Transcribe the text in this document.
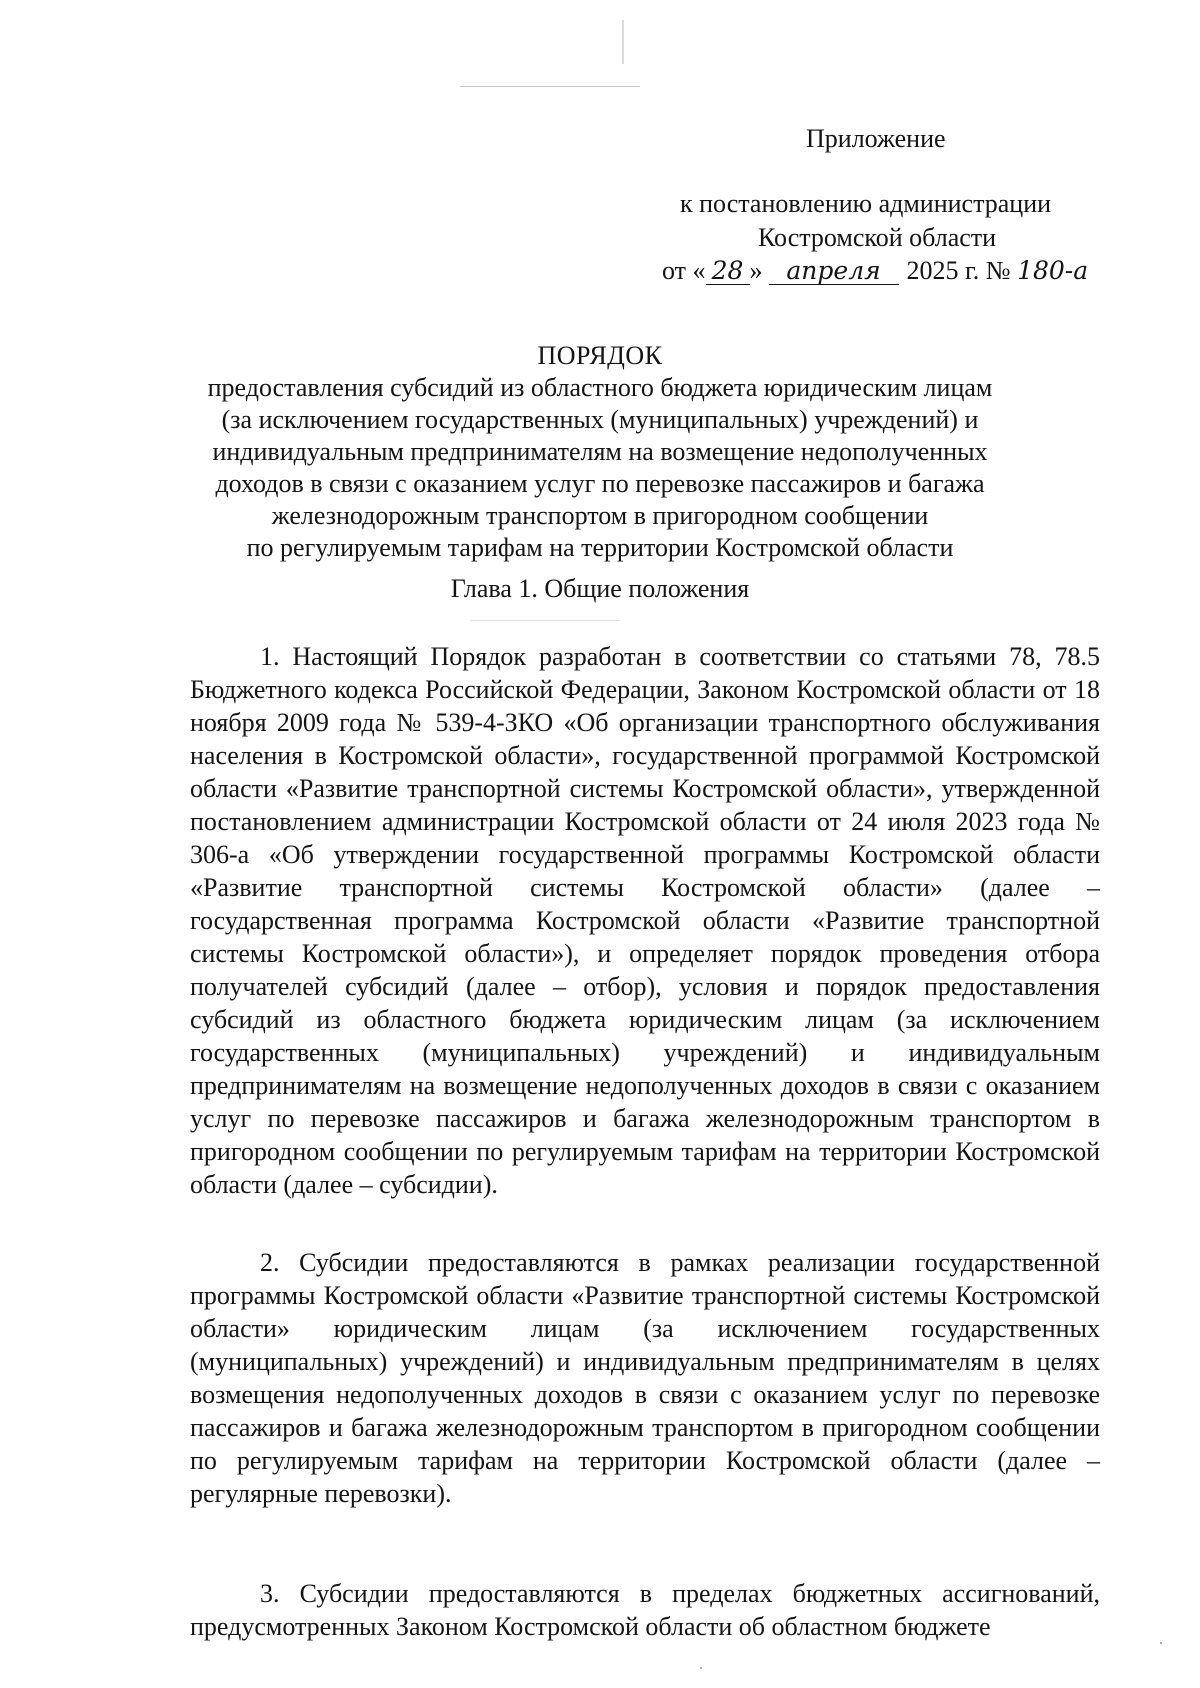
Приложение
к постановлению администрации
Костромской области
от « 28 » апреля 2025 г. № 180-а
ПОРЯДОК
предоставления субсидий из областного бюджета юридическим лицам
(за исключением государственных (муниципальных) учреждений) и
индивидуальным предпринимателям на возмещение недополученных
доходов в связи с оказанием услуг по перевозке пассажиров и багажа
железнодорожным транспортом в пригородном сообщении
по регулируемым тарифам на территории Костромской области
Глава 1. Общие положения

1. Настоящий Порядок разработан в соответствии со статьями 78, 78.5 Бюджетного кодекса Российской Федерации, Законом Костромской области от 18 ноября 2009 года № 539-4-ЗКО «Об организации транспортного обслуживания населения в Костромской области», государственной программой Костромской области «Развитие транспортной системы Костромской области», утвержденной постановлением администрации Костромской области от 24 июля 2023 года № 306-а «Об утверждении государственной программы Костромской области «Развитие транспортной системы Костромской области» (далее – государственная программа Костромской области «Развитие транспортной системы Костромской области»), и определяет порядок проведения отбора получателей субсидий (далее – отбор), условия и порядок предоставления субсидий из областного бюджета юридическим лицам (за исключением государственных (муниципальных) учреждений) и индивидуальным предпринимателям на возмещение недополученных доходов в связи с оказанием услуг по перевозке пассажиров и багажа железнодорожным транспортом в пригородном сообщении по регулируемым тарифам на территории Костромской области (далее – субсидии).

2. Субсидии предоставляются в рамках реализации государственной программы Костромской области «Развитие транспортной системы Костромской области» юридическим лицам (за исключением государственных (муниципальных) учреждений) и индивидуальным предпринимателям в целях возмещения недополученных доходов в связи с оказанием услуг по перевозке пассажиров и багажа железнодорожным транспортом в пригородном сообщении по регулируемым тарифам на территории Костромской области (далее – регулярные перевозки).

3. Субсидии предоставляются в пределах бюджетных ассигнований, предусмотренных Законом Костромской области об областном бюджете
